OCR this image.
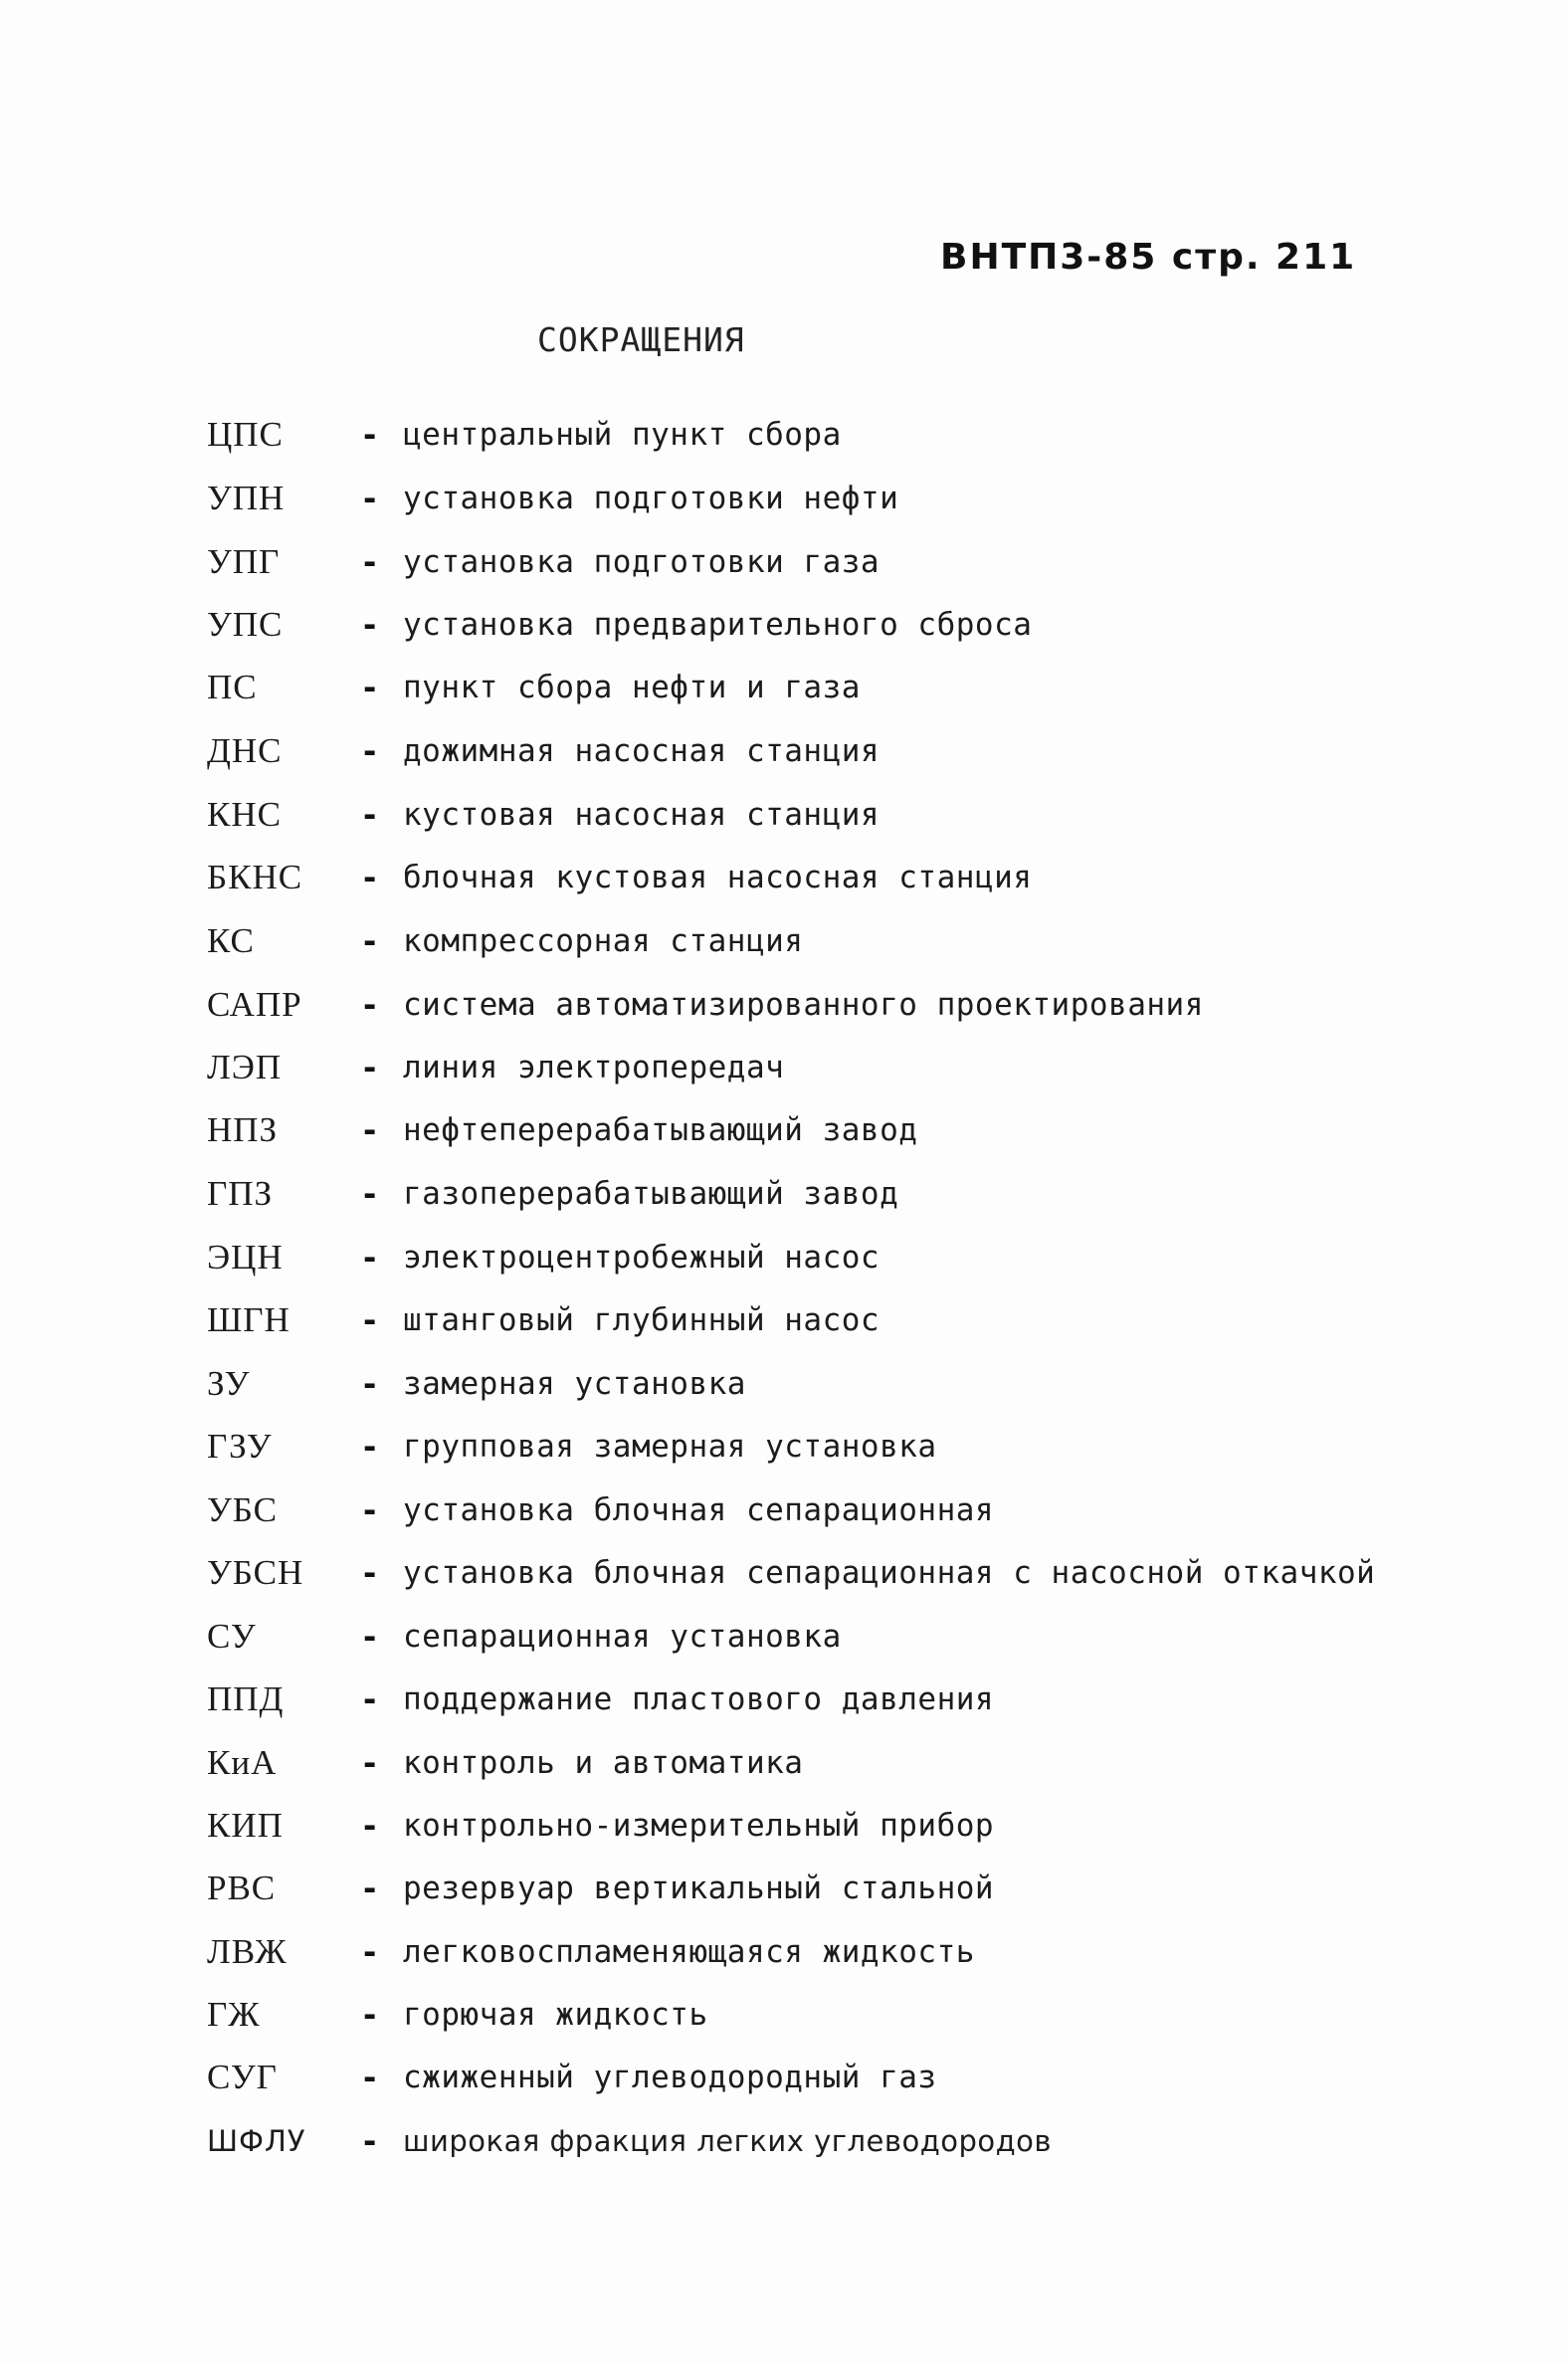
ВНТП3-85 стр. 211
СОКРАЩЕНИЯ
ЦПС - центральный пункт сбора
УПН - установка подготовки нефти
УПГ	- установка подготовки газа
УПС - установка предварительного сброса
ПС	- пункт сбора нефти и газа
ДНС - дожимная насосная станция
КНС - кустовая насосная станция
БКНС - блочная кустовая насосная станция
КС	- компрессорная станция
САПР - система автоматизированного проектирования
ЛЭП - линия электропередач
НПЗ	- нефтеперерабатывающий завод
ГПЗ	- газоперерабатывающий завод
ЭЦН - электроцентробежный насос
ШГН - штанговый глубинный насос
ЗУ	- замерная установка
ГЗУ	- групповая замерная установка
УБС	- установка блочная сепарационная
УБСН - установка блочная сепарационная с насосной откачкой
СУ	- сепарационная установка
ППД - поддержание пластового давления
КиА	- контроль и автоматика
КИП - контрольно-измерительный прибор
РВС	- резервуар вертикальный стальной
ЛВЖ - легковоспламеняющаяся жидкость
ГЖ	- горючая жидкость
СУГ	- сжиженный углеводородный газ
ШФЛУ - широкая фракция легких углеводородов
